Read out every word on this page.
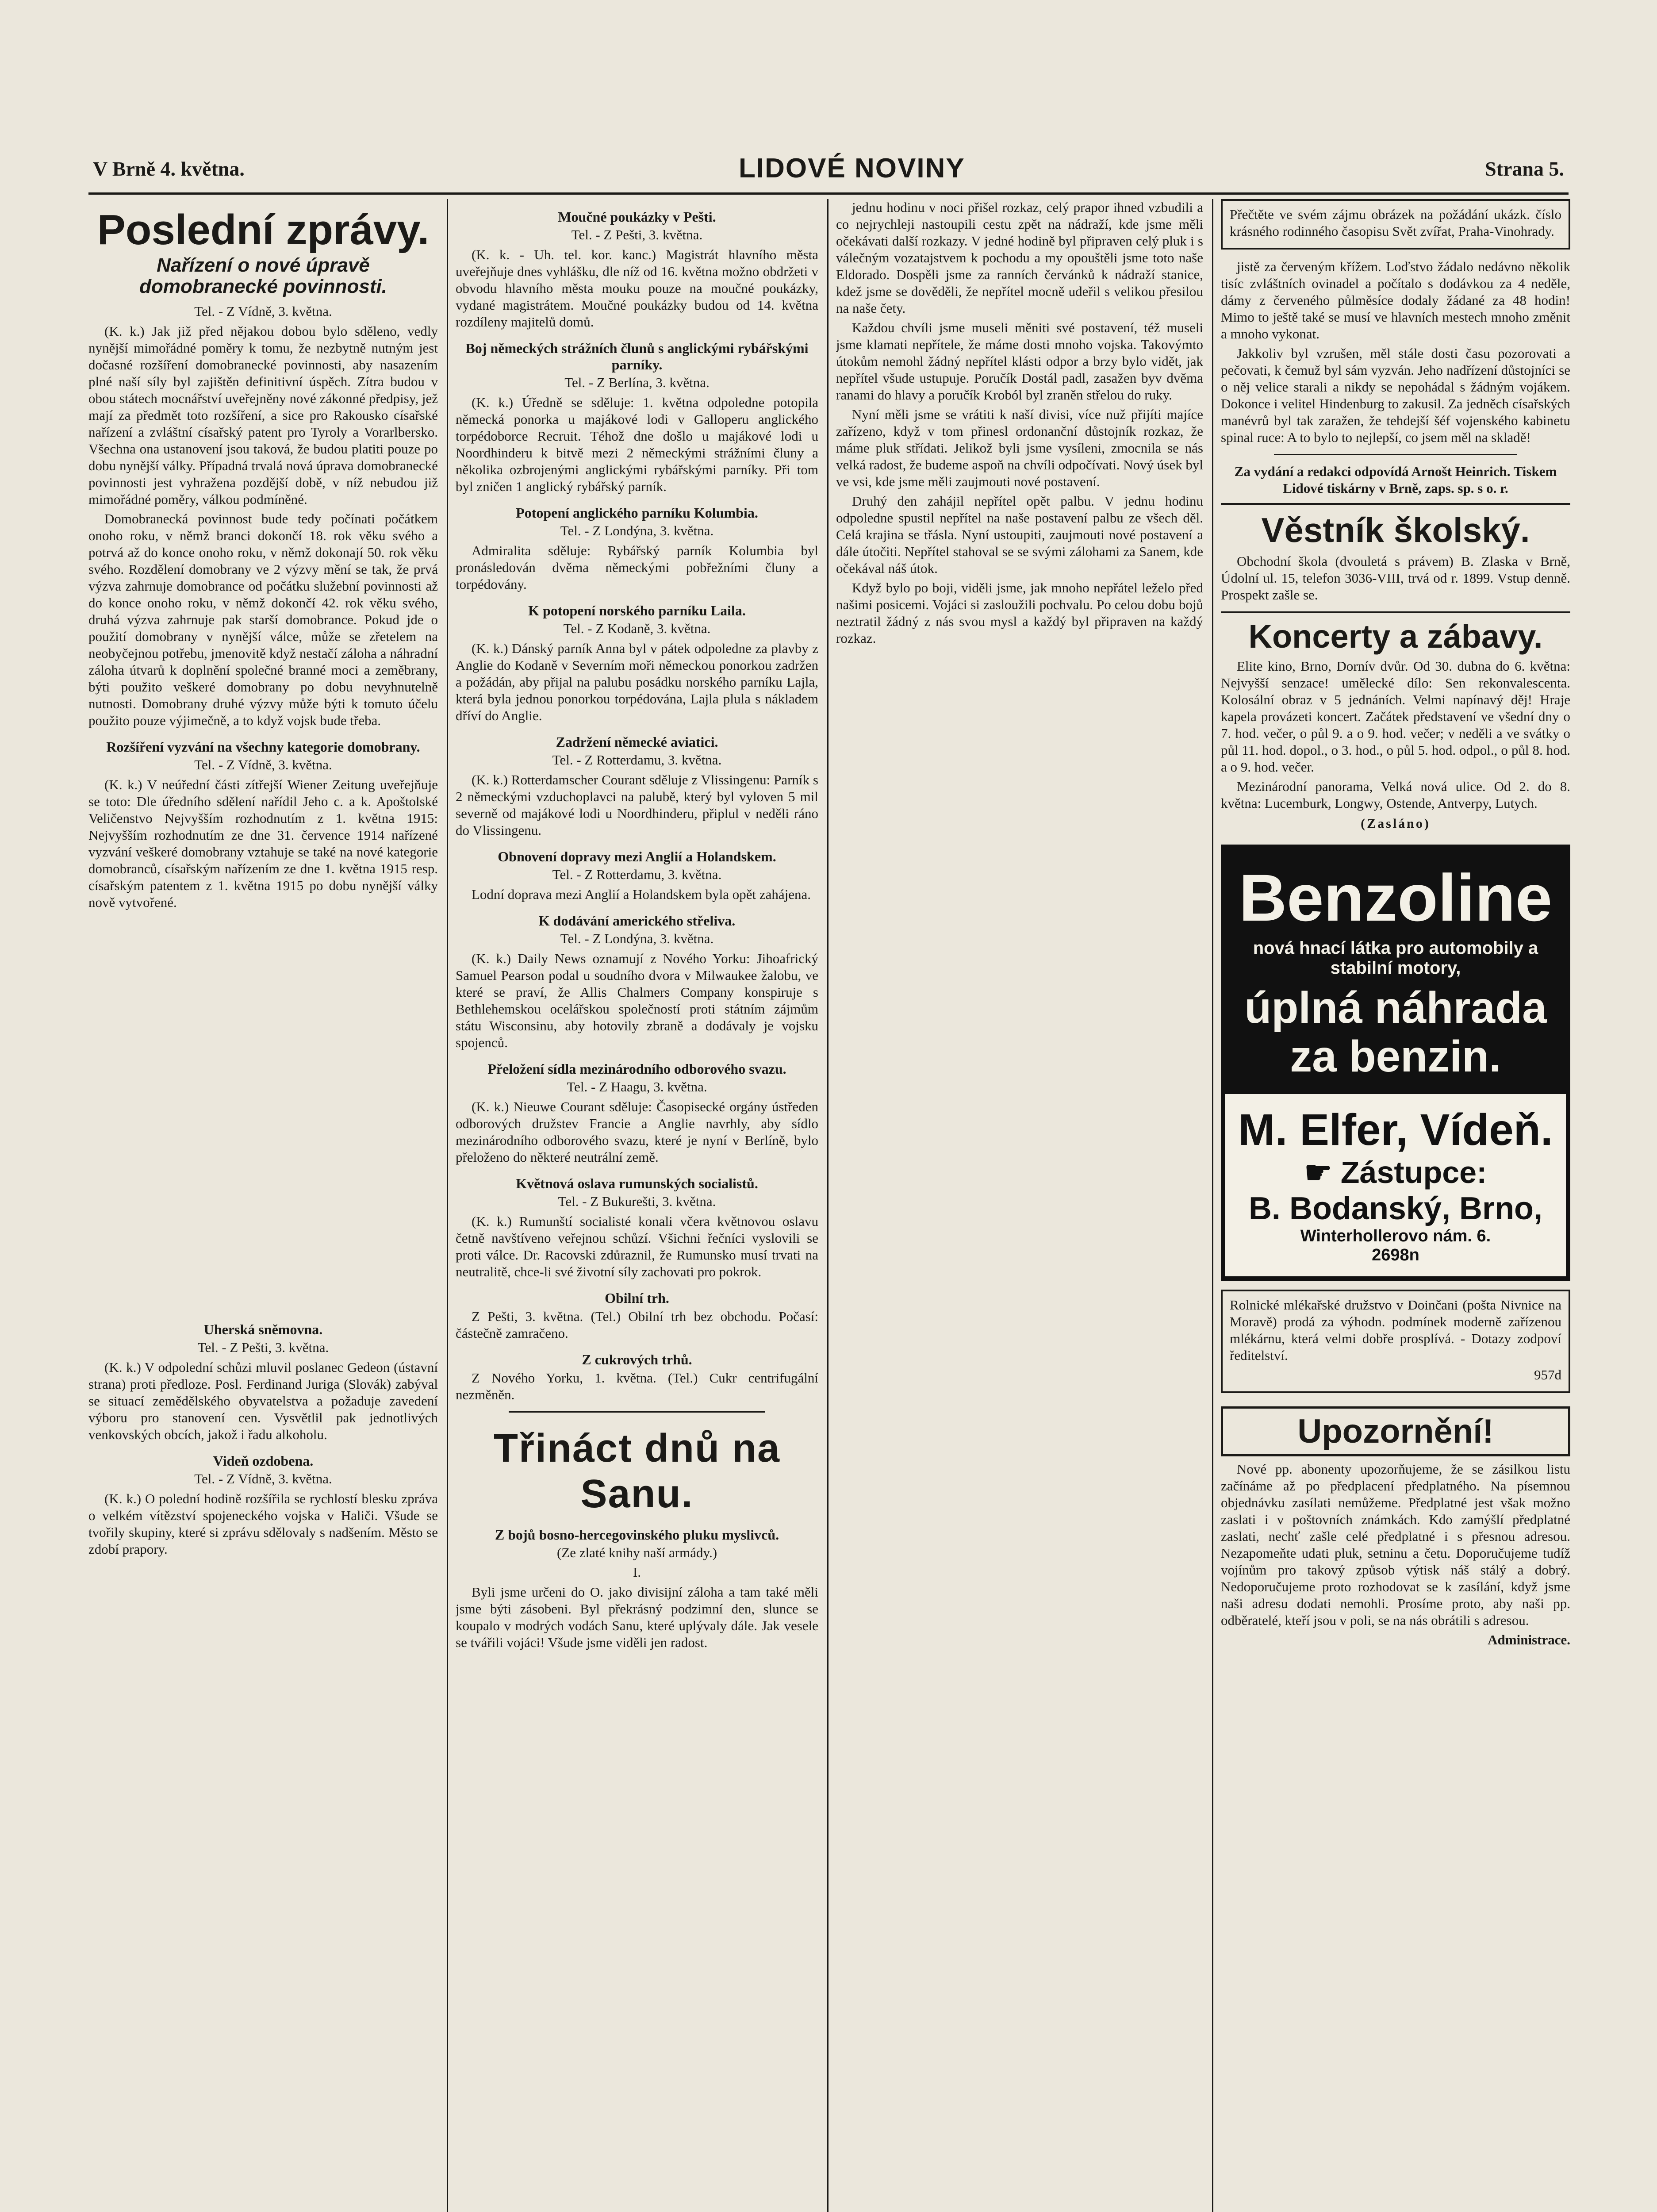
V Brně 4. května.	LIDOVÉ NOVINY	Strana 5.
Poslední zprávy.
Nařízení o nové úpravě domobranecké povinnosti.
Tel. - Z Vídně, 3. května.

(K. k.) Jak již před nějakou dobou bylo sděleno, vedly nynější mimořádné poměry k tomu, že nezbytně nutným jest dočasné rozšíření domobranecké povinnosti, aby nasazením plné naší síly byl zajištěn definitivní úspěch. Zítra budou v obou státech mocnářství uveřejněny nové zákonné předpisy, jež mají za předmět toto rozšíření, a sice pro Rakousko císařské nařízení a zvláštní císařský patent pro Tyroly a Vorarlbersko. Všechna ona ustanovení jsou taková, že budou platiti pouze po dobu nynější války. Případná trvalá nová úprava domobranecké povinnosti jest vyhražena pozdější době, v níž nebudou již mimořádné poměry, válkou podmíněné.

Domobranecká povinnost bude tedy počínati počátkem onoho roku, v němž branci dokončí 18. rok věku svého a potrvá až do konce onoho roku, v němž dokonají 50. rok věku svého. Rozdělení domobrany ve 2 výzvy mění se tak, že prvá výzva zahrnuje domobrance od počátku služební povinnosti až do konce onoho roku, v němž dokončí 42. rok věku svého, druhá výzva zahrnuje pak starší domobrance. Pokud jde o použití domobrany v nynější válce, může se zřetelem na neobyčejnou potřebu, jmenovitě když nestačí záloha a náhradní záloha útvarů k doplnění společné branné moci a zeměbrany, býti použito veškeré domobrany po dobu nevyhnutelně nutnosti. Domobrany druhé výzvy může býti k tomuto účelu použito pouze výjimečně, a to když vojsk bude třeba.

Rozšíření vyzvání na všechny kategorie domobrany.
Tel. - Z Vídně, 3. května.

(K. k.) V neúřední části zítřejší Wiener Zeitung uveřejňuje se toto: Dle úředního sdělení nařídil Jeho c. a k. Apoštolské Veličenstvo Nejvyšším rozhodnutím z 1. května 1915: Nejvyšším rozhodnutím ze dne 31. července 1914 nařízené vyzvání veškeré domobrany vztahuje se také na nové kategorie domobranců, císařským nařízením ze dne 1. května 1915 resp. císařským patentem z 1. května 1915 po dobu nynější války nově vytvořené.

Uherská sněmovna.
Tel. - Z Pešti, 3. května.

(K. k.) V odpolední schůzi mluvil poslanec Gedeon (ústavní strana) proti předloze. Posl. Ferdinand Juriga (Slovák) zabýval se situací zemědělského obyvatelstva a požaduje zavedení výboru pro stanovení cen. Vysvětlil pak jednotlivých venkovských obcích, jakož i řadu alkoholu.

Videň ozdobena.
Tel. - Z Vídně, 3. května.

(K. k.) O polední hodině rozšířila se rychlostí blesku zpráva o velkém vítězství spojeneckého vojska v Haliči. Všude se tvořily skupiny, které si zprávu sdělovaly s nadšením. Město se zdobí prapory.

Moučné poukázky v Pešti.
Tel. - Z Pešti, 3. května.

(K. k. - Uh. tel. kor. kanc.) Magistrát hlavního města uveřejňuje dnes vyhlášku, dle níž od 16. května možno obdržeti v obvodu hlavního města mouku pouze na moučné poukázky, vydané magistrátem. Moučné poukázky budou od 14. května rozdíleny majitelů domů.

Boj německých strážních člunů s anglickými rybářskými parníky.
Tel. - Z Berlína, 3. května.

(K. k.) Úředně se sděluje: 1. května odpoledne potopila německá ponorka u majákové lodi v Galloperu anglického torpédoborce Recruit. Téhož dne došlo u majákové lodi u Noordhinderu k bitvě mezi 2 německými strážními čluny a několika ozbrojenými anglickými rybářskými parníky. Při tom byl zničen 1 anglický rybářský parník.

Potopení anglického parníku Kolumbia.
Tel. - Z Londýna, 3. května.

Admiralita sděluje: Rybářský parník Kolumbia byl pronásledován dvěma německými pobřežními čluny a torpédovány.

K potopení norského parníku Laila.
Tel. - Z Kodaně, 3. května.

(K. k.) Dánský parník Anna byl v pátek odpoledne za plavby z Anglie do Kodaně v Severním moři německou ponorkou zadržen a požádán, aby přijal na palubu posádku norského parníku Lajla, která byla jednou ponorkou torpédována, Lajla plula s nákladem dříví do Anglie.

Zadržení německé aviatici.
Tel. - Z Rotterdamu, 3. května.

(K. k.) Rotterdamscher Courant sděluje z Vlissingenu: Parník s 2 německými vzduchoplavci na palubě, který byl vyloven 5 mil severně od majákové lodi u Noordhinderu, připlul v neděli ráno do Vlissingenu.

Obnovení dopravy mezi Anglií a Holandskem.
Tel. - Z Rotterdamu, 3. května.

Lodní doprava mezi Anglií a Holandskem byla opět zahájena.

K dodávání amerického střeliva.
Tel. - Z Londýna, 3. května.

(K. k.) Daily News oznamují z Nového Yorku: Jihoafrický Samuel Pearson podal u soudního dvora v Milwaukee žalobu, ve které se praví, že Allis Chalmers Company konspiruje s Bethlehemskou ocelářskou společností proti státním zájmům státu Wisconsinu, aby hotovily zbraně a dodávaly je vojsku spojenců.

Přeložení sídla mezinárodního odborového svazu.
Tel. - Z Haagu, 3. května.

(K. k.) Nieuwe Courant sděluje: Časopisecké orgány ústředen odborových družstev Francie a Anglie navrhly, aby sídlo mezinárodního odborového svazu, které je nyní v Berlíně, bylo přeloženo do některé neutrální země.

Květnová oslava rumunských socialistů.
Tel. - Z Bukurešti, 3. května.

(K. k.) Rumunští socialisté konali včera květnovou oslavu četně navštíveno veřejnou schůzí. Všichni řečníci vyslovili se proti válce. Dr. Racovski zdůraznil, že Rumunsko musí trvati na neutralitě, chce-li své životní síly zachovati pro pokrok.

Obilní trh.

Z Pešti, 3. května. (Tel.) Obilní trh bez obchodu. Počasí: částečně zamračeno.

Z cukrových trhů.

Z Nového Yorku, 1. května. (Tel.) Cukr centrifugální nezměněn.

Třináct dnů na Sanu.
Z bojů bosno-hercegovinského pluku myslivců.
(Ze zlaté knihy naší armády.)
I.

Byli jsme určeni do O. jako divisijní záloha a tam také měli jsme býti zásobeni. Byl překrásný podzimní den, slunce se koupalo v modrých vodách Sanu, které uplývaly dále. Jak vesele se tvářili vojáci! Všude jsme viděli jen radost.

jednu hodinu v noci přišel rozkaz, celý prapor ihned vzbudili a co nejrychleji nastoupili cestu zpět na nádraží, kde jsme měli očekávati další rozkazy. V jedné hodině byl připraven celý pluk i s válečným vozatajstvem k pochodu a my opouštěli jsme toto naše Eldorado. Dospěli jsme za ranních červánků k nádraží stanice, kdež jsme se dověděli, že nepřítel mocně udeřil s velikou přesilou na naše čety.

Každou chvíli jsme museli měniti své postavení, též museli jsme klamati nepřítele, že máme dosti mnoho vojska. Takovýmto útokům nemohl žádný nepřítel klásti odpor a brzy bylo vidět, jak nepřítel všude ustupuje. Poručík Dostál padl, zasažen byv dvěma ranami do hlavy a poručík Kroból byl zraněn střelou do ruky.

Nyní měli jsme se vrátiti k naší divisi, více nuž přijíti majíce zařízeno, když v tom přinesl ordonanční důstojník rozkaz, že máme pluk střídati. Jelikož byli jsme vysíleni, zmocnila se nás velká radost, že budeme aspoň na chvíli odpočívati. Nový úsek byl ve vsi, kde jsme měli zaujmouti nové postavení.

Druhý den zahájil nepřítel opět palbu. V jednu hodinu odpoledne spustil nepřítel na naše postavení palbu ze všech děl. Celá krajina se třásla. Nyní ustoupiti, zaujmouti nové postavení a dále útočiti. Nepřítel stahoval se se svými zálohami za Sanem, kde očekával náš útok.

Když bylo po boji, viděli jsme, jak mnoho nepřátel leželo před našimi posicemi. Vojáci si zasloužili pochvalu. Po celou dobu bojů neztratil žádný z nás svou mysl a každý byl připraven na každý rozkaz.

Přečtěte ve svém zájmu obrázek na požádání ukázk. číslo krásného rodinného časopisu Svět zvířat, Praha-Vinohrady.

jistě za červeným křížem. Loďstvo žádalo nedávno několik tisíc zvláštních ovinadel a počítalo s dodávkou za 4 neděle, dámy z červeného půlměsíce dodaly žádané za 48 hodin! Mimo to ještě také se musí ve hlavních mestech mnoho změnit a mnoho vykonat.

Jakkoliv byl vzrušen, měl stále dosti času pozorovati a pečovati, k čemuž byl sám vyzván. Jeho nadřízení důstojníci se o něj velice starali a nikdy se nepohádal s žádným vojákem. Dokonce i velitel Hindenburg to zakusil. Za jedněch císařských manévrů byl tak zaražen, že tehdejší šéf vojenského kabinetu spinal ruce: A to bylo to nejlepší, co jsem měl na skladě!

Za vydání a redakci odpovídá Arnošt Heinrich. Tiskem Lidové tiskárny v Brně, zaps. sp. s o. r.

Věstník školský.

Obchodní škola (dvouletá s právem) B. Zlaska v Brně, Údolní ul. 15, telefon 3036-VIII, trvá od r. 1899. Vstup denně. Prospekt zašle se.

Koncerty a zábavy.

Elite kino, Brno, Dornív dvůr. Od 30. dubna do 6. května: Nejvyšší senzace! umělecké dílo: Sen rekonvalescenta. Kolosální obraz v 5 jednáních. Velmi napínavý děj! Hraje kapela provázeti koncert. Začátek představení ve všední dny o 7. hod. večer, o půl 9. a o 9. hod. večer; v neděli a ve svátky o půl 11. hod. dopol., o 3. hod., o půl 5. hod. odpol., o půl 8. hod. a o 9. hod. večer.

Mezinárodní panorama, Velká nová ulice. Od 2. do 8. května: Lucemburk, Longwy, Ostende, Antverpy, Lutych.

(Zasláno)
Benzoline
nová hnací látka pro automobily a stabilní motory,
úplná náhrada
za benzin.
M. Elfer, Vídeň.
☛ Zástupce:
B. Bodanský, Brno,
Winterhollerovo nám. 6.
2698n

Rolnické mlékařské družstvo v Doinčani (pošta Nivnice na Moravě) prodá za výhodn. podmínek moderně zařízenou mlékárnu, která velmi dobře prosplívá. - Dotazy zodpoví ředitelství.

957d

Upozornění!

Nové pp. abonenty upozorňujeme, že se zásilkou listu začínáme až po předplacení předplatného. Na písemnou objednávku zasílati nemůžeme. Předplatné jest však možno zaslati i v poštovních známkách. Kdo zamýšlí předplatné zaslati, nechť zašle celé předplatné i s přesnou adresou. Nezapomeňte udati pluk, setninu a četu. Doporučujeme tudíž vojínům pro takový způsob výtisk náš stálý a dobrý. Nedoporučujeme proto rozhodovat se k zasílání, když jsme naši adresu dodati nemohli. Prosíme proto, aby naši pp. odběratelé, kteří jsou v poli, se na nás obrátili s adresou.

Administrace.
